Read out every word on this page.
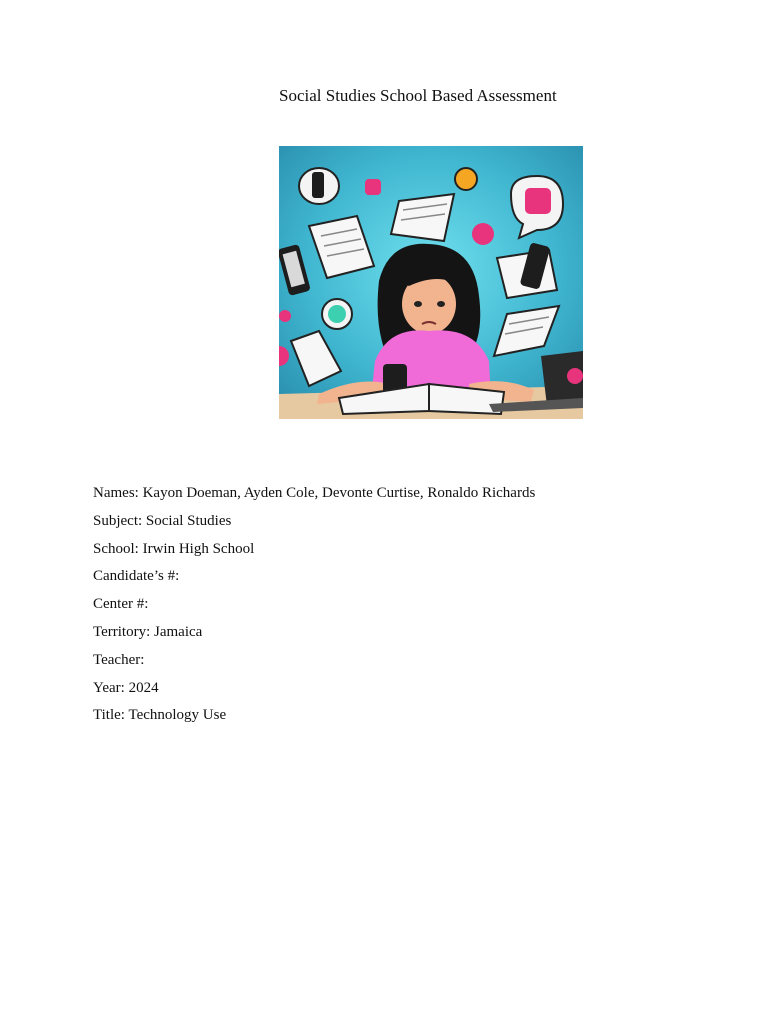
Social Studies School Based Assessment
Names: Kayon Doeman, Ayden Cole, Devonte Curtise, Ronaldo Richards
Subject: Social Studies
School: Irwin High School
Candidate’s #:
Center #:
Territory: Jamaica
Teacher:
Year: 2024
Title: Technology Use
